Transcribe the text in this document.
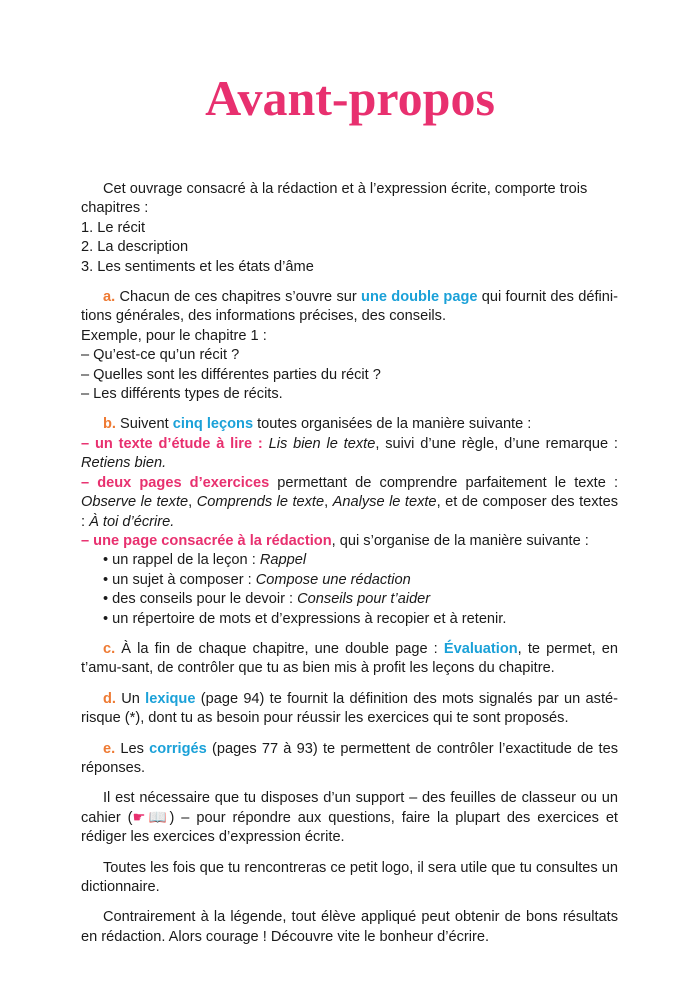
Avant-propos

Cet ouvrage consacré à la rédaction et à l’expression écrite, comporte trois chapitres :

1. Le récit

2. La description

3. Les sentiments et les états d’âme

a. Chacun de ces chapitres s’ouvre sur une double page qui fournit des défini-tions générales, des informations précises, des conseils.

Exemple, pour le chapitre 1 :

– Qu’est-ce qu’un récit ?

– Quelles sont les différentes parties du récit ?

– Les différents types de récits.

b. Suivent cinq leçons toutes organisées de la manière suivante :

– un texte d’étude à lire : Lis bien le texte, suivi d’une règle, d’une remarque : Retiens bien.

– deux pages d’exercices permettant de comprendre parfaitement le texte : Observe le texte, Comprends le texte, Analyse le texte, et de composer des textes : À toi d’écrire.

– une page consacrée à la rédaction, qui s’organise de la manière suivante :

• un rappel de la leçon : Rappel

• un sujet à composer : Compose une rédaction

• des conseils pour le devoir : Conseils pour t’aider

• un répertoire de mots et d’expressions à recopier et à retenir.

c. À la fin de chaque chapitre, une double page : Évaluation, te permet, en t’amu-sant, de contrôler que tu as bien mis à profit les leçons du chapitre.

d. Un lexique (page 94) te fournit la définition des mots signalés par un asté-risque (*), dont tu as besoin pour réussir les exercices qui te sont proposés.

e. Les corrigés (pages 77 à 93) te permettent de contrôler l’exactitude de tes réponses.

Il est nécessaire que tu disposes d’un support – des feuilles de classeur ou un cahier (☛📖) – pour répondre aux questions, faire la plupart des exercices et rédiger les exercices d’expression écrite.

Toutes les fois que tu rencontreras ce petit logo, il sera utile que tu consultes un dictionnaire.

Contrairement à la légende, tout élève appliqué peut obtenir de bons résultats en rédaction. Alors courage ! Découvre vite le bonheur d’écrire.
